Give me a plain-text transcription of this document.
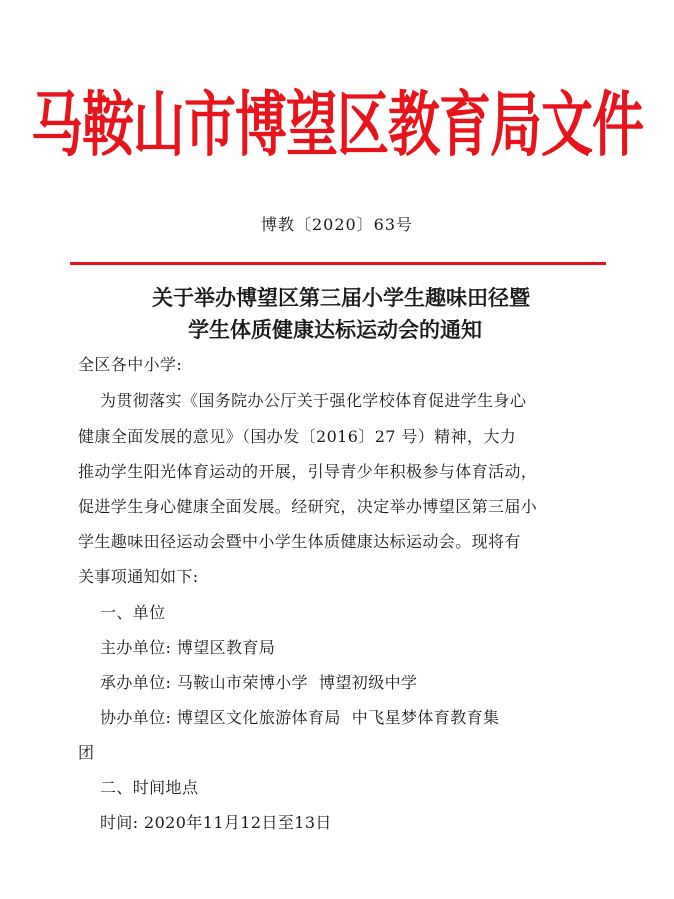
马鞍山市博望区教育局文件
博教〔2020〕63号
关于举办博望区第三届小学生趣味田径暨
学生体质健康达标运动会的通知
全区各中小学:
为贯彻落实《国务院办公厅关于强化学校体育促进学生身心
健康全面发展的意见》（国办发〔2016〕27 号）精神，大力
推动学生阳光体育运动的开展，引导青少年积极参与体育活动，
促进学生身心健康全面发展。经研究，决定举办博望区第三届小
学生趣味田径运动会暨中小学生体质健康达标运动会。现将有
关事项通知如下:
一、单位
主办单位: 博望区教育局
承办单位: 马鞍山市荣博小学  博望初级中学
协办单位: 博望区文化旅游体育局  中飞星梦体育教育集
团
二、时间地点
时间: 2020年11月12日至13日
